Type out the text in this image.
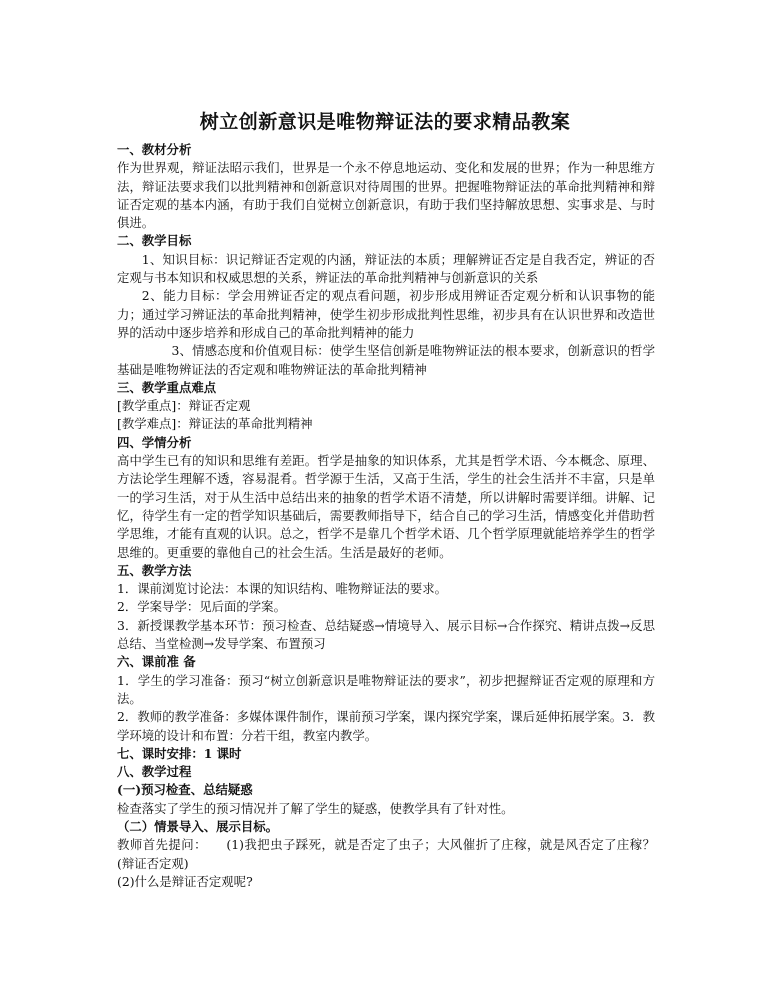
树立创新意识是唯物辩证法的要求精品教案

一、教材分析

作为世界观，辩证法昭示我们，世界是一个永不停息地运动、变化和发展的世界；作为一种思维方法，辩证法要求我们以批判精神和创新意识对待周围的世界。把握唯物辩证法的革命批判精神和辩证否定观的基本内涵，有助于我们自觉树立创新意识，有助于我们坚持解放思想、实事求是、与时俱进。

二、教学目标

1、知识目标：识记辩证否定观的内涵，辩证法的本质；理解辨证否定是自我否定，辨证的否定观与书本知识和权威思想的关系，辨证法的革命批判精神与创新意识的关系

2、能力目标：学会用辨证否定的观点看问题，初步形成用辨证否定观分析和认识事物的能力；通过学习辨证法的革命批判精神，使学生初步形成批判性思维，初步具有在认识世界和改造世界的活动中逐步培养和形成自己的革命批判精神的能力

3、情感态度和价值观目标：使学生坚信创新是唯物辨证法的根本要求，创新意识的哲学基础是唯物辨证法的否定观和唯物辨证法的革命批判精神

三、教学重点难点

[教学重点]：辩证否定观

[教学难点]：辩证法的革命批判精神

四、学情分析

高中学生已有的知识和思维有差距。哲学是抽象的知识体系，尤其是哲学术语、今本概念、原理、方法论学生理解不透，容易混肴。哲学源于生活，又高于生活，学生的社会生活并不丰富，只是单一的学习生活，对于从生活中总结出来的抽象的哲学术语不清楚，所以讲解时需要详细。讲解、记忆，待学生有一定的哲学知识基础后，需要教师指导下，结合自己的学习生活，情感变化并借助哲学思维，才能有直观的认识。总之，哲学不是靠几个哲学术语、几个哲学原理就能培养学生的哲学思维的。更重要的靠他自己的社会生活。生活是最好的老师。

五、教学方法

1．课前浏览讨论法：本课的知识结构、唯物辩证法的要求。

2．学案导学：见后面的学案。

3．新授课教学基本环节：预习检查、总结疑惑→情境导入、展示目标→合作探究、精讲点拨→反思总结、当堂检测→发导学案、布置预习

六、课前准 备

1．学生的学习准备：预习“树立创新意识是唯物辩证法的要求”，初步把握辩证否定观的原理和方法。

2．教师的教学准备：多媒体课件制作，课前预习学案，课内探究学案，课后延伸拓展学案。3．教学环境的设计和布置：分若干组，教室内教学。

七、课时安排：1 课时

八、教学过程

(一)预习检查、总结疑惑

检查落实了学生的预习情况并了解了学生的疑惑，使教学具有了针对性。

（二）情景导入、展示目标。

教师首先提问：　　(1)我把虫子踩死，就是否定了虫子；大风催折了庄稼，就是风否定了庄稼？　(辩证否定观)

(2)什么是辩证否定观呢?
